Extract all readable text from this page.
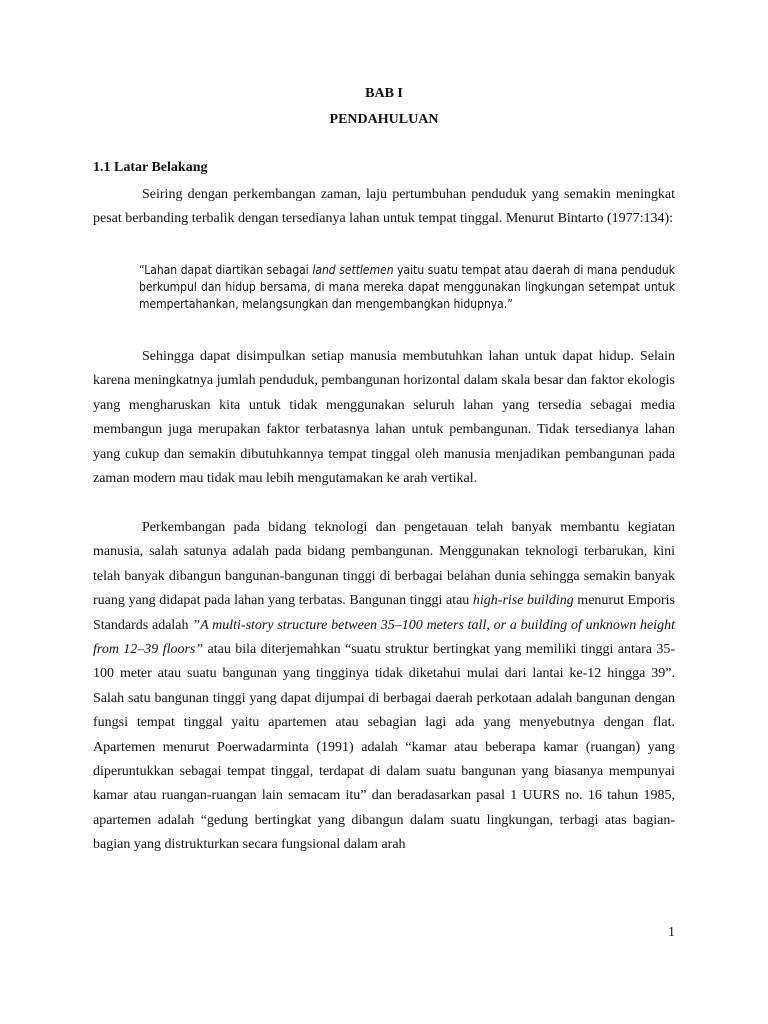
BAB I
PENDAHULUAN
1.1 Latar Belakang

Seiring dengan perkembangan zaman, laju pertumbuhan penduduk yang semakin meningkat pesat berbanding terbalik dengan tersedianya lahan untuk tempat tinggal. Menurut Bintarto (1977:134):

“Lahan dapat diartikan sebagai land settlemen yaitu suatu tempat atau daerah di mana penduduk berkumpul dan hidup bersama, di mana mereka dapat menggunakan lingkungan setempat untuk mempertahankan, melangsungkan dan mengembangkan hidupnya.”

Sehingga dapat disimpulkan setiap manusia membutuhkan lahan untuk dapat hidup. Selain karena meningkatnya jumlah penduduk, pembangunan horizontal dalam skala besar dan faktor ekologis yang mengharuskan kita untuk tidak menggunakan seluruh lahan yang tersedia sebagai media membangun juga merupakan faktor terbatasnya lahan untuk pembangunan. Tidak tersedianya lahan yang cukup dan semakin dibutuhkannya tempat tinggal oleh manusia menjadikan pembangunan pada zaman modern mau tidak mau lebih mengutamakan ke arah vertikal.

Perkembangan pada bidang teknologi dan pengetauan telah banyak membantu kegiatan manusia, salah satunya adalah pada bidang pembangunan. Menggunakan teknologi terbarukan, kini telah banyak dibangun bangunan-bangunan tinggi di berbagai belahan dunia sehingga semakin banyak ruang yang didapat pada lahan yang terbatas. Bangunan tinggi atau high-rise building menurut Emporis Standards adalah ”A multi-story structure between 35–100 meters tall, or a building of unknown height from 12–39 floors” atau bila diterjemahkan “suatu struktur bertingkat yang memiliki tinggi antara 35-100 meter atau suatu bangunan yang tingginya tidak diketahui mulai dari lantai ke-12 hingga 39”. Salah satu bangunan tinggi yang dapat dijumpai di berbagai daerah perkotaan adalah bangunan dengan fungsi tempat tinggal yaitu apartemen atau sebagian lagi ada yang menyebutnya dengan flat. Apartemen menurut Poerwadarminta (1991) adalah “kamar atau beberapa kamar (ruangan) yang diperuntukkan sebagai tempat tinggal, terdapat di dalam suatu bangunan yang biasanya mempunyai kamar atau ruangan-ruangan lain semacam itu” dan beradasarkan pasal 1 UURS no. 16 tahun 1985, apartemen adalah “gedung bertingkat yang dibangun dalam suatu lingkungan, terbagi atas bagian-bagian yang distrukturkan secara fungsional dalam arah

1
